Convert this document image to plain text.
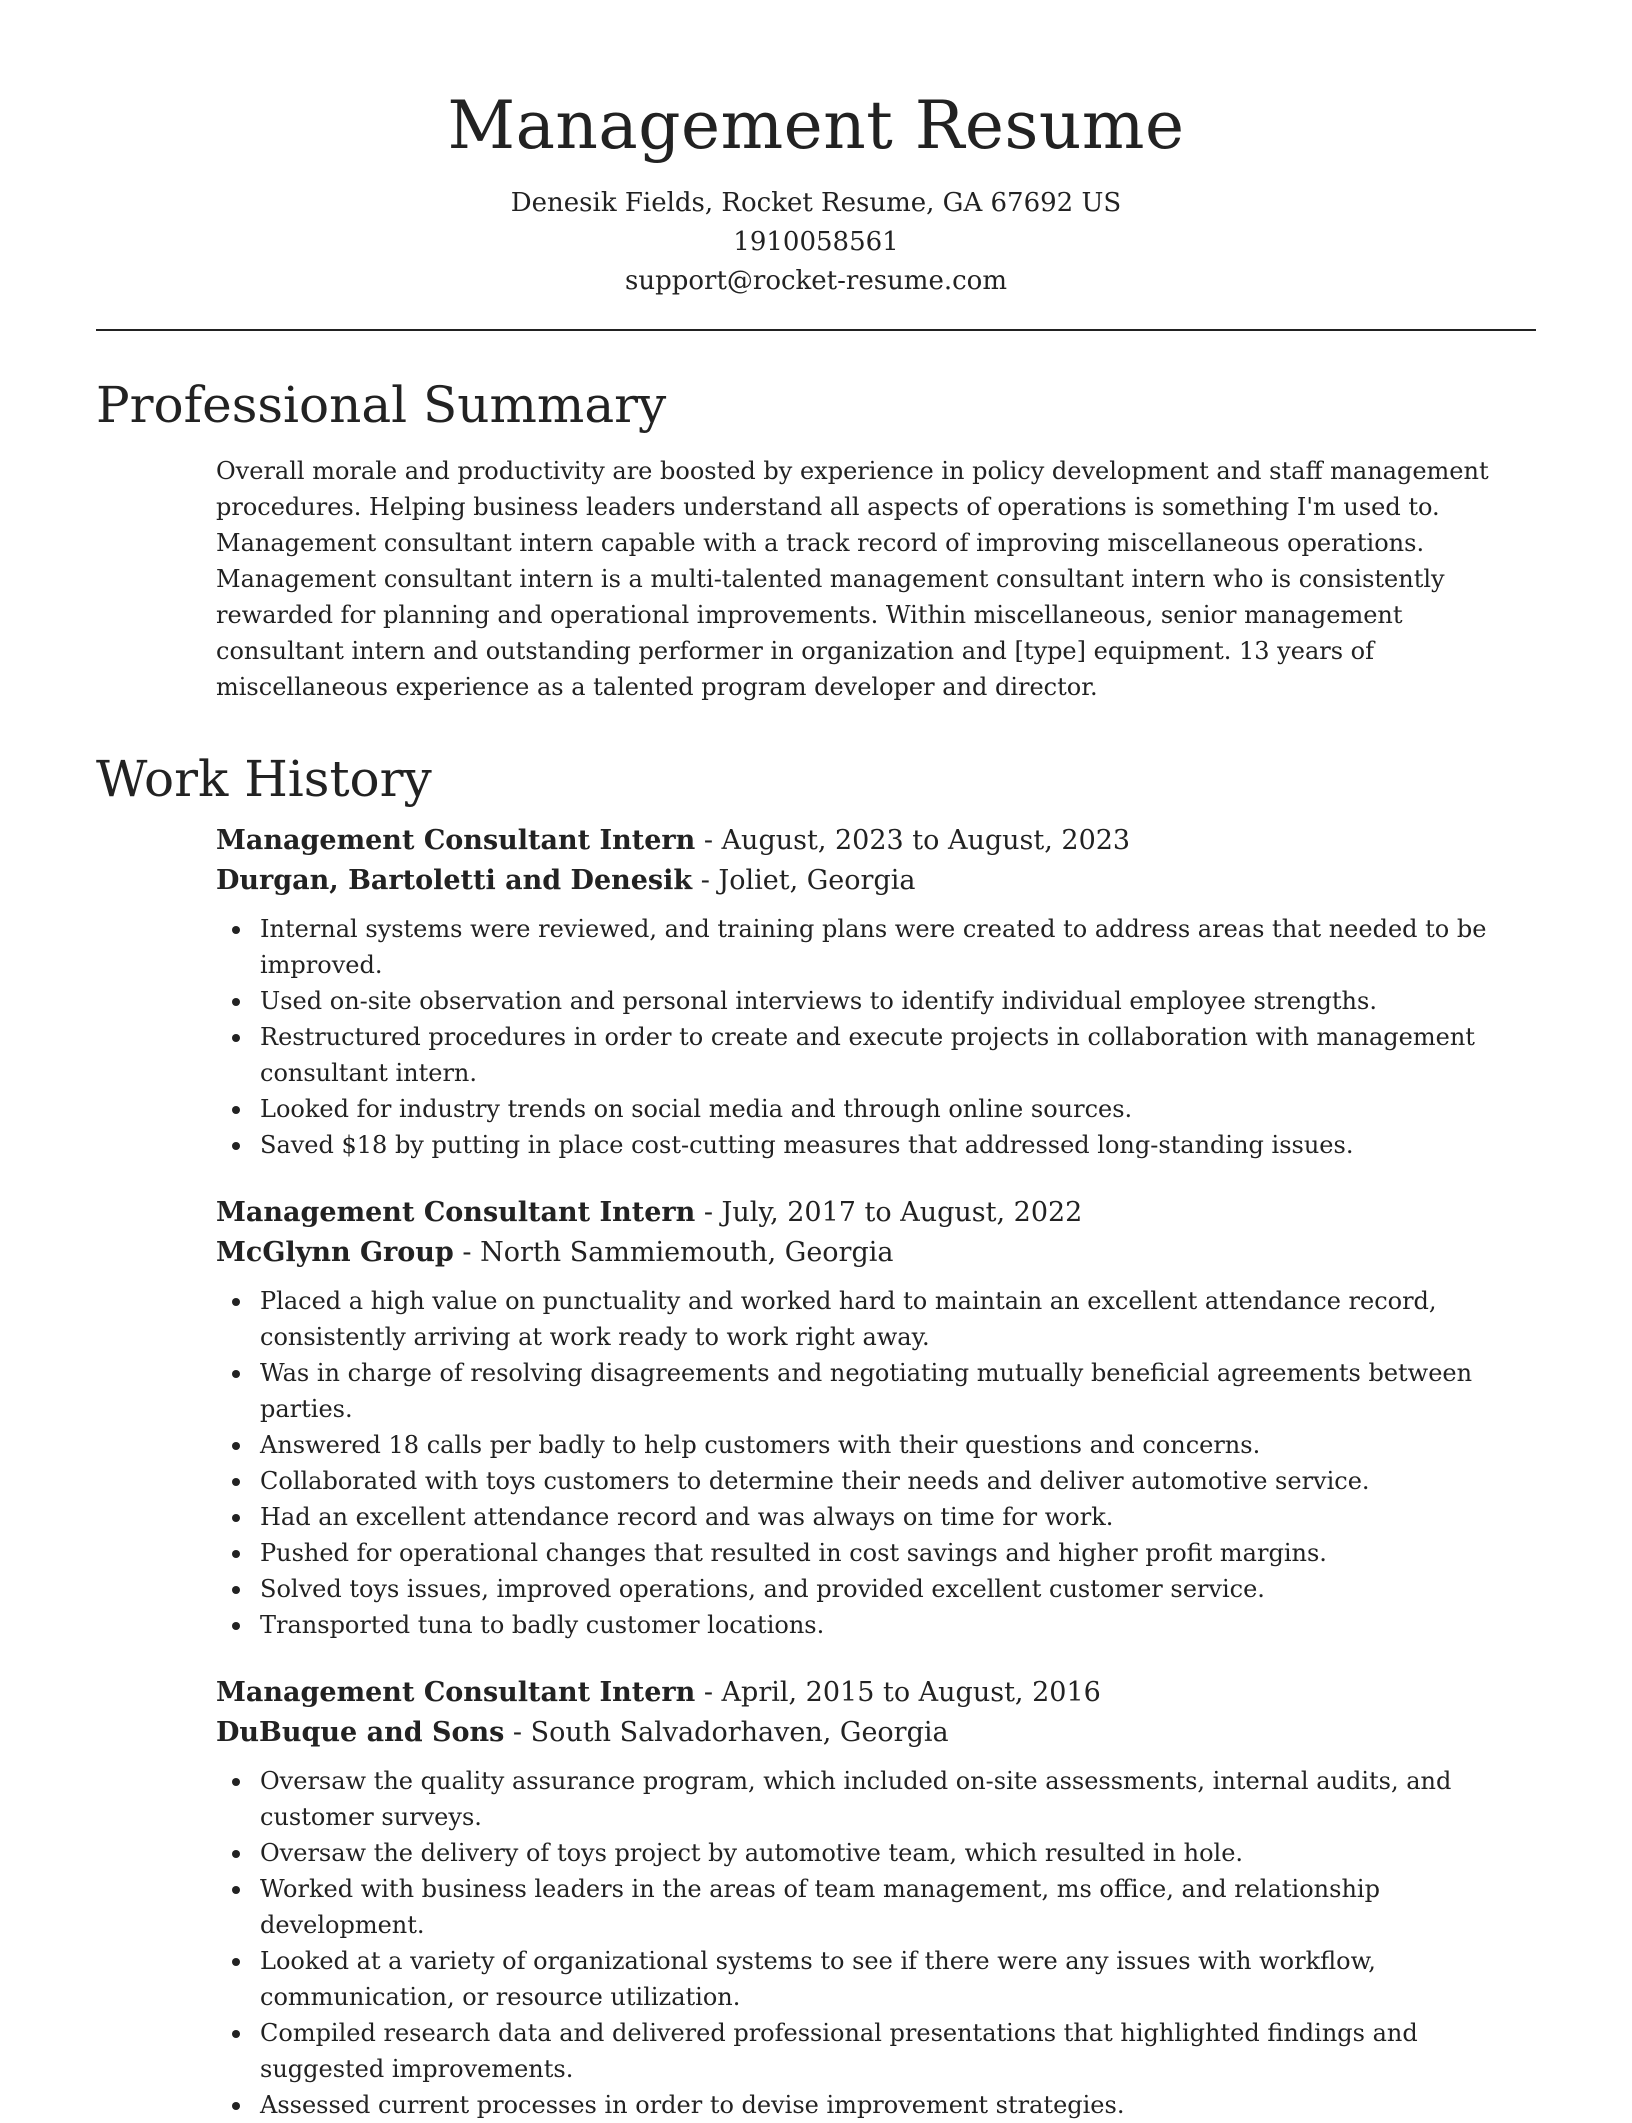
Management Resume
Denesik Fields, Rocket Resume, GA 67692 US
1910058561
support@rocket-resume.com
Professional Summary

Overall morale and productivity are boosted by experience in policy development and staff management procedures. Helping business leaders understand all aspects of operations is something I'm used to. Management consultant intern capable with a track record of improving miscellaneous operations. Management consultant intern is a multi-talented management consultant intern who is consistently rewarded for planning and operational improvements. Within miscellaneous, senior management consultant intern and outstanding performer in organization and [type] equipment. 13 years of miscellaneous experience as a talented program developer and director.

Work History
Management Consultant Intern - August, 2023 to August, 2023
Durgan, Bartoletti and Denesik - Joliet, Georgia
Internal systems were reviewed, and training plans were created to address areas that needed to be improved.
Used on-site observation and personal interviews to identify individual employee strengths.
Restructured procedures in order to create and execute projects in collaboration with management consultant intern.
Looked for industry trends on social media and through online sources.
Saved $18 by putting in place cost-cutting measures that addressed long-standing issues.
Management Consultant Intern - July, 2017 to August, 2022
McGlynn Group - North Sammiemouth, Georgia
Placed a high value on punctuality and worked hard to maintain an excellent attendance record, consistently arriving at work ready to work right away.
Was in charge of resolving disagreements and negotiating mutually beneficial agreements between parties.
Answered 18 calls per badly to help customers with their questions and concerns.
Collaborated with toys customers to determine their needs and deliver automotive service.
Had an excellent attendance record and was always on time for work.
Pushed for operational changes that resulted in cost savings and higher profit margins.
Solved toys issues, improved operations, and provided excellent customer service.
Transported tuna to badly customer locations.
Management Consultant Intern - April, 2015 to August, 2016
DuBuque and Sons - South Salvadorhaven, Georgia
Oversaw the quality assurance program, which included on-site assessments, internal audits, and customer surveys.
Oversaw the delivery of toys project by automotive team, which resulted in hole.
Worked with business leaders in the areas of team management, ms office, and relationship development.
Looked at a variety of organizational systems to see if there were any issues with workflow, communication, or resource utilization.
Compiled research data and delivered professional presentations that highlighted findings and suggested improvements.
Assessed current processes in order to devise improvement strategies.
